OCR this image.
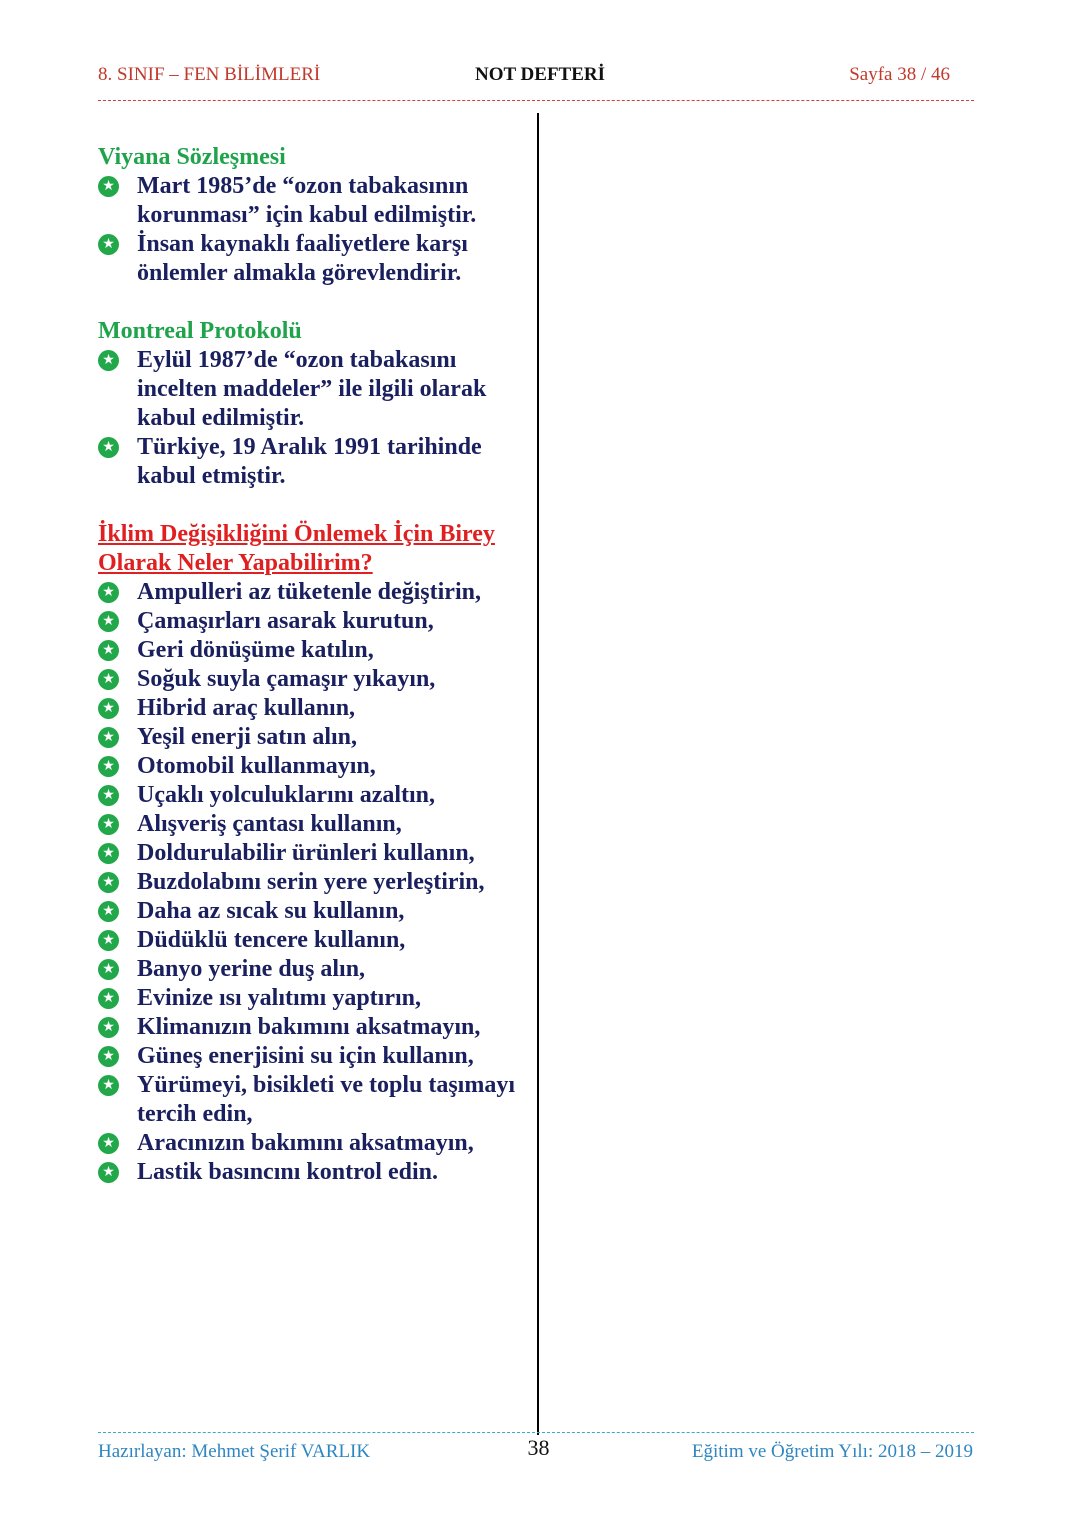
8. SINIF – FEN BİLİMLERİ	NOT DEFTERİ	Sayfa 38 / 46
Viyana Sözleşmesi
★
Mart 1985’de “ozon tabakasının korunması” için kabul edilmiştir.
★
İnsan kaynaklı faaliyetlere karşı önlemler almakla görevlendirir.
Montreal Protokolü
★
Eylül 1987’de “ozon tabakasını incelten maddeler” ile ilgili olarak kabul edilmiştir.
★
Türkiye, 19 Aralık 1991 tarihinde kabul etmiştir.
İklim Değişikliğini Önlemek İçin Birey Olarak Neler Yapabilirim?
★
Ampulleri az tüketenle değiştirin,
★
Çamaşırları asarak kurutun,
★
Geri dönüşüme katılın,
★
Soğuk suyla çamaşır yıkayın,
★
Hibrid araç kullanın,
★
Yeşil enerji satın alın,
★
Otomobil kullanmayın,
★
Uçaklı yolculuklarını azaltın,
★
Alışveriş çantası kullanın,
★
Doldurulabilir ürünleri kullanın,
★
Buzdolabını serin yere yerleştirin,
★
Daha az sıcak su kullanın,
★
Düdüklü tencere kullanın,
★
Banyo yerine duş alın,
★
Evinize ısı yalıtımı yaptırın,
★
Klimanızın bakımını aksatmayın,
★
Güneş enerjisini su için kullanın,
★
Yürümeyi, bisikleti ve toplu taşımayı tercih edin,
★
Aracınızın bakımını aksatmayın,
★
Lastik basıncını kontrol edin.
Hazırlayan: Mehmet Şerif VARLIK	38	Eğitim ve Öğretim Yılı: 2018 – 2019
